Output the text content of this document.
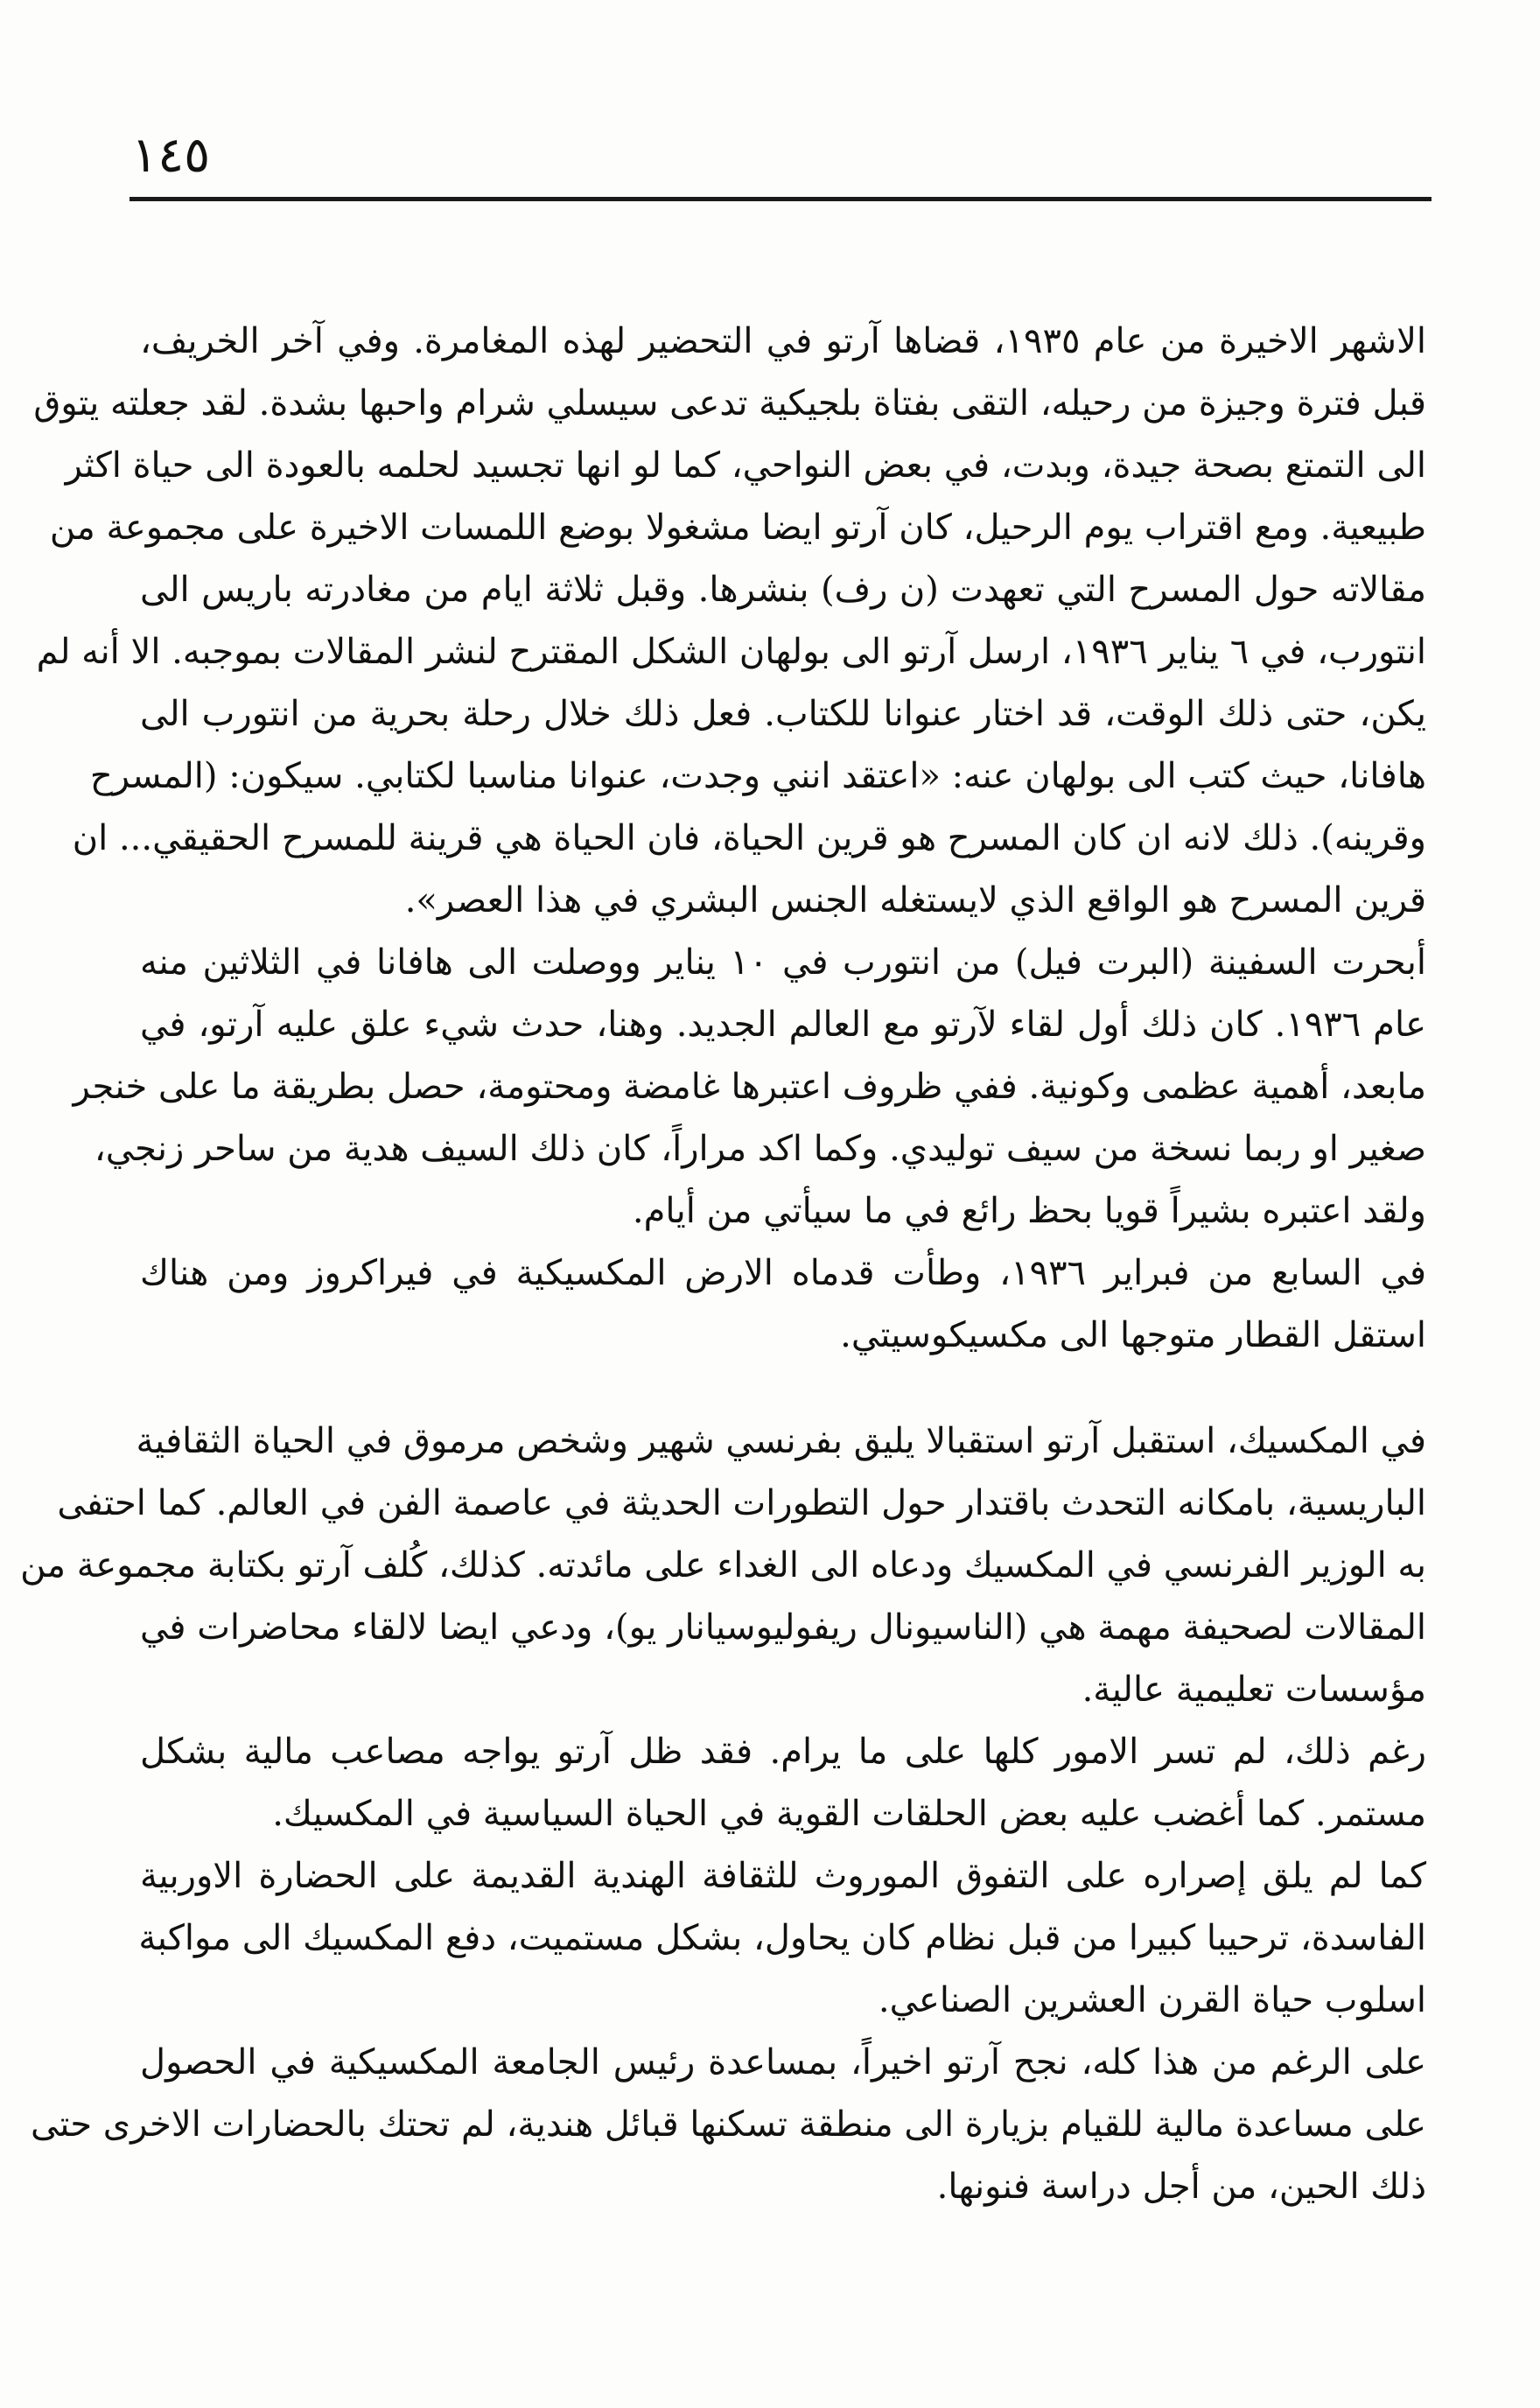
١٤٥
الاشهر الاخيرة من عام ١٩٣٥، قضاها آرتو في التحضير لهذه المغامرة. وفي آخر الخريف،
قبل فترة وجيزة من رحيله، التقى بفتاة بلجيكية تدعى سيسلي شرام واحبها بشدة. لقد جعلته يتوق
الى التمتع بصحة جيدة، وبدت، في بعض النواحي، كما لو انها تجسيد لحلمه بالعودة الى حياة اكثر
طبيعية. ومع اقتراب يوم الرحيل، كان آرتو ايضا مشغولا بوضع اللمسات الاخيرة على مجموعة من
مقالاته حول المسرح التي تعهدت (ن رف) بنشرها. وقبل ثلاثة ايام من مغادرته باريس الى
انتورب، في ٦ يناير ١٩٣٦، ارسل آرتو الى بولهان الشكل المقترح لنشر المقالات بموجبه. الا أنه لم
يكن، حتى ذلك الوقت، قد اختار عنوانا للكتاب. فعل ذلك خلال رحلة بحرية من انتورب الى
هافانا، حيث كتب الى بولهان عنه: «اعتقد انني وجدت، عنوانا مناسبا لكتابي. سيكون: (المسرح
وقرينه). ذلك لانه ان كان المسرح هو قرين الحياة، فان الحياة هي قرينة للمسرح الحقيقي... ان
قرين المسرح هو الواقع الذي لايستغله الجنس البشري في هذا العصر».
أبحرت السفينة (البرت فيل) من انتورب في ١٠ يناير ووصلت الى هافانا في الثلاثين منه
عام ١٩٣٦. كان ذلك أول لقاء لآرتو مع العالم الجديد. وهنا، حدث شيء علق عليه آرتو، في
مابعد، أهمية عظمى وكونية. ففي ظروف اعتبرها غامضة ومحتومة، حصل بطريقة ما على خنجر
صغير او ربما نسخة من سيف توليدي. وكما اكد مراراً، كان ذلك السيف هدية من ساحر زنجي،
ولقد اعتبره بشيراً قويا بحظ رائع في ما سيأتي من أيام.
في السابع من فبراير ١٩٣٦، وطأت قدماه الارض المكسيكية في فيراكروز ومن هناك
استقل القطار متوجها الى مكسيكوسيتي.
في المكسيك، استقبل آرتو استقبالا يليق بفرنسي شهير وشخص مرموق في الحياة الثقافية
الباريسية، بامكانه التحدث باقتدار حول التطورات الحديثة في عاصمة الفن في العالم. كما احتفى
به الوزير الفرنسي في المكسيك ودعاه الى الغداء على مائدته. كذلك، كُلف آرتو بكتابة مجموعة من
المقالات لصحيفة مهمة هي (الناسيونال ريفوليوسيانار يو)، ودعي ايضا لالقاء محاضرات في
مؤسسات تعليمية عالية.
رغم ذلك، لم تسر الامور كلها على ما يرام. فقد ظل آرتو يواجه مصاعب مالية بشكل
مستمر. كما أغضب عليه بعض الحلقات القوية في الحياة السياسية في المكسيك.
كما لم يلق إصراره على التفوق الموروث للثقافة الهندية القديمة على الحضارة الاوربية
الفاسدة، ترحيبا كبيرا من قبل نظام كان يحاول، بشكل مستميت، دفع المكسيك الى مواكبة
اسلوب حياة القرن العشرين الصناعي.
على الرغم من هذا كله، نجح آرتو اخيراً، بمساعدة رئيس الجامعة المكسيكية في الحصول
على مساعدة مالية للقيام بزيارة الى منطقة تسكنها قبائل هندية، لم تحتك بالحضارات الاخرى حتى
ذلك الحين، من أجل دراسة فنونها.
